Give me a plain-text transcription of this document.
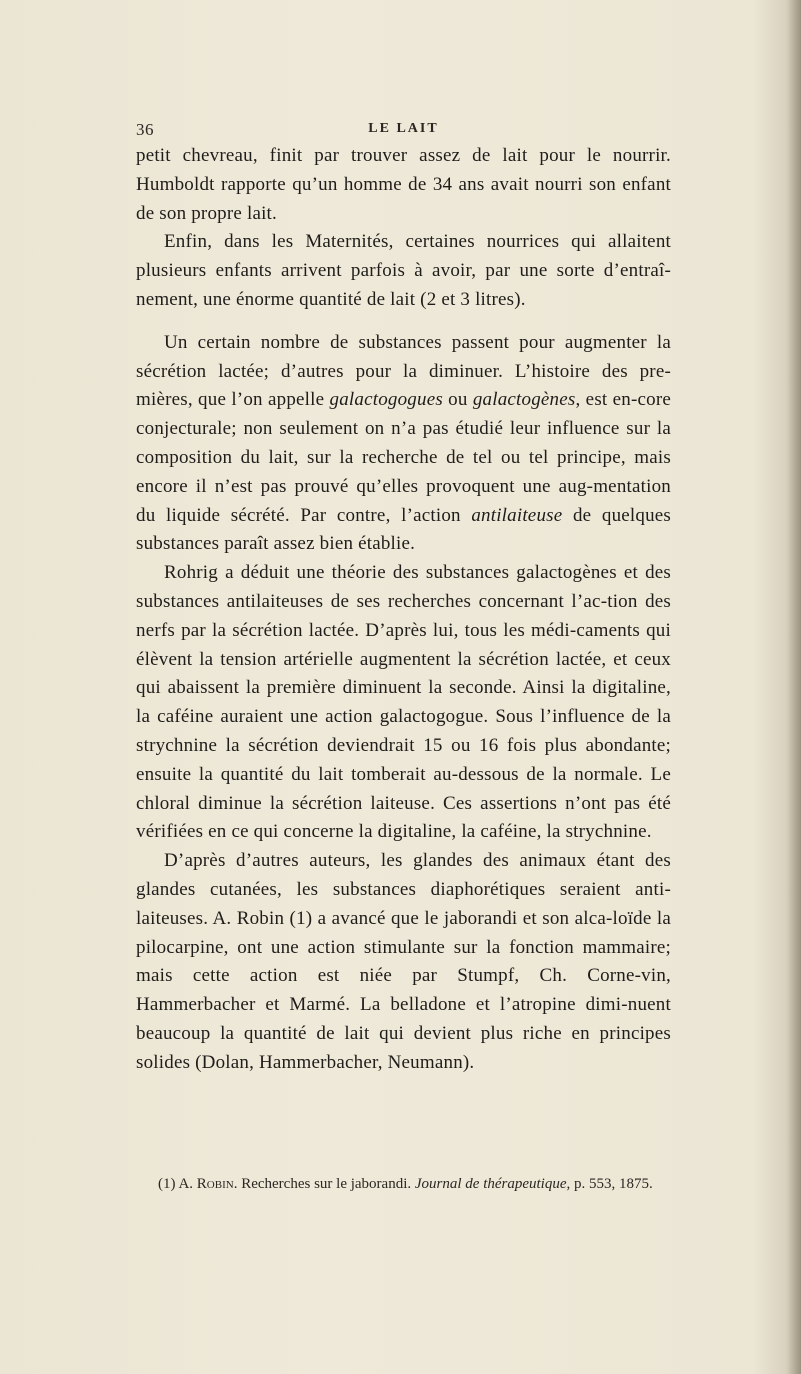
36	LE LAIT

petit chevreau, finit par trouver assez de lait pour le nourrir. Humboldt rapporte qu’un homme de 34 ans avait nourri son enfant de son propre lait.

Enfin, dans les Maternités, certaines nourrices qui allaitent plusieurs enfants arrivent parfois à avoir, par une sorte d’entraî-nement, une énorme quantité de lait (2 et 3 litres).

Un certain nombre de substances passent pour augmenter la sécrétion lactée; d’autres pour la diminuer. L’histoire des pre-mières, que l’on appelle galactogogues ou galactogènes, est en-core conjecturale; non seulement on n’a pas étudié leur influence sur la composition du lait, sur la recherche de tel ou tel principe, mais encore il n’est pas prouvé qu’elles provoquent une aug-mentation du liquide sécrété. Par contre, l’action antilaiteuse de quelques substances paraît assez bien établie.

Rohrig a déduit une théorie des substances galactogènes et des substances antilaiteuses de ses recherches concernant l’ac-tion des nerfs par la sécrétion lactée. D’après lui, tous les médi-caments qui élèvent la tension artérielle augmentent la sécrétion lactée, et ceux qui abaissent la première diminuent la seconde. Ainsi la digitaline, la caféine auraient une action galactogogue. Sous l’influence de la strychnine la sécrétion deviendrait 15 ou 16 fois plus abondante; ensuite la quantité du lait tomberait au-dessous de la normale. Le chloral diminue la sécrétion laiteuse. Ces assertions n’ont pas été vérifiées en ce qui concerne la digitaline, la caféine, la strychnine.

D’après d’autres auteurs, les glandes des animaux étant des glandes cutanées, les substances diaphorétiques seraient anti-laiteuses. A. Robin (1) a avancé que le jaborandi et son alca-loïde la pilocarpine, ont une action stimulante sur la fonction mammaire; mais cette action est niée par Stumpf, Ch. Corne-vin, Hammerbacher et Marmé. La belladone et l’atropine dimi-nuent beaucoup la quantité de lait qui devient plus riche en principes solides (Dolan, Hammerbacher, Neumann).

(1) A. Robin. Recherches sur le jaborandi. Journal de thérapeutique, p. 553, 1875.
